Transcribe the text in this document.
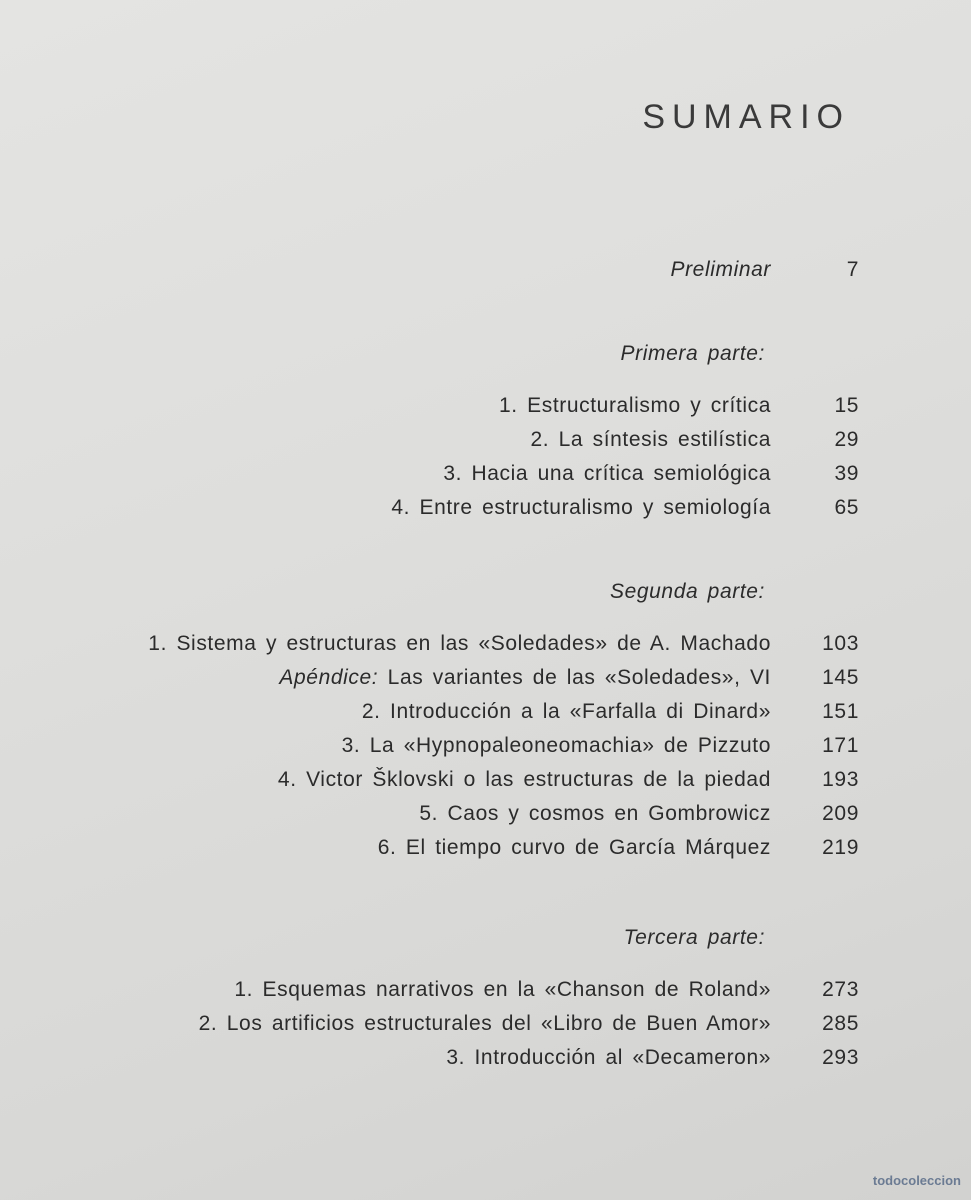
SUMARIO
Preliminar	7
Primera parte:
1. Estructuralismo y crítica	15
2. La síntesis estilística	29
3. Hacia una crítica semiológica	39
4. Entre estructuralismo y semiología	65
Segunda parte:
1. Sistema y estructuras en las «Soledades» de A. Machado 103
Apéndice: Las variantes de las «Soledades», VI 145
2. Introducción a la «Farfalla di Dinard» 151
3. La «Hypnopaleoneomachia» de Pizzuto 171
4. Victor Šklovski o las estructuras de la piedad 193
5. Caos y cosmos en Gombrowicz 209
6. El tiempo curvo de García Márquez 219
Tercera parte:
1. Esquemas narrativos en la «Chanson de Roland» 273
2. Los artificios estructurales del «Libro de Buen Amor» 285
3. Introducción al «Decameron» 293
todocoleccion
